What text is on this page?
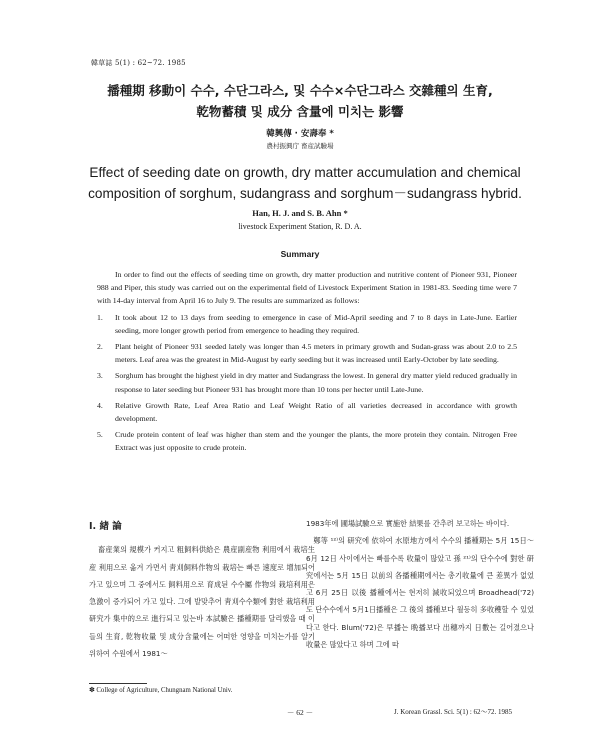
韓草誌 5(1) : 62~72. 1985
播種期 移動이 수수, 수단그라스, 및 수수×수단그라스 交雜種의 生育,
乾物蓄積 및 成分 含量에 미치는 影響
韓興傳 · 安壽奉 *
農村振興庁 畜産試驗場
Effect of seeding date on growth, dry matter accumulation and chemical
composition of sorghum, sudangrass and sorghum－sudangrass hybrid.
Han, H. J. and S. B. Ahn *
livestock Experiment Station, R. D. A.
Summary

In order to find out the effects of seeding time on growth, dry matter production and nutritive content of Pioneer 931, Pioneer 988 and Piper, this study was carried out on the experimental field of Livestock Experiment Station in 1981-83. Seeding time were 7 with 14-day interval from April 16 to July 9. The results are summarized as follows:

1. It took about 12 to 13 days from seeding to emergence in case of Mid-April seeding and 7 to 8 days in Late-June. Earlier seeding, more longer growth period from emergence to heading they required.
2. Plant height of Pioneer 931 seeded lately was longer than 4.5 meters in primary growth and Sudan-grass was about 2.0 to 2.5 meters. Leaf area was the greatest in Mid-August by early seeding but it was increased until Early-October by late seeding.
3. Sorghum has brought the highest yield in dry matter and Sudangrass the lowest. In general dry matter yield reduced gradually in response to later seeding but Pioneer 931 has brought more than 10 tons per hecter until Late-June.
4. Relative Growth Rate, Leaf Area Ratio and Leaf Weight Ratio of all varieties decreased in accordance with growth development.
5. Crude protein content of leaf was higher than stem and the younger the plants, the more protein they contain. Nitrogen Free Extract was just opposite to crude protein.
Ⅰ. 緖 論

畜産業의 規模가 커지고 粗飼料供給은 農産副産物 利用에서 栽培生産 利用으로 옮겨 가면서 靑刈飼料作物의 栽培는 빠른 速度로 增加되어 가고 있으며 그 중에서도 飼料用으로 育成된 수수屬 作物의 栽培利用은 急激이 증가되어 가고 있다. 그에 발맞추어 靑刈수수類에 對한 栽培利用 研究가 集中的으로 進行되고 있는바 本試驗은 播種期를 달리했을 때 이들의 生育, 乾物收量 및 成分含量에는 어떠한 영향을 미치는가를 알기 위하여 수원에서 1981～

1983年에 圃場試驗으로 實施한 結果를 간추려 보고하는 바이다.
　鄭等 ¹²⁾의 研究에 依하여 水原地方에서 수수의 播種期는 5月 15日～6月 12日 사이에서는 빠를수록 收量이 많았고 孫 ²¹⁾의 단수수에 對한 研究에서는 5月 15日 以前의 各播種期에서는 총기收量에 큰 差異가 없었고 6月 25日 以後 播種에서는 현저히 減收되었으며 Broadhead('72) 도 단수수에서 5月1日播種은 그 後의 播種보다 월등히 多收穫할 수 있었다고 한다. Blum('72)은 早播는 晩播보다 出穗까지 日數는 길어졌으나 收量은 많았다고 하며 그에 따

✽ College of Agriculture, Chungnam National Univ.
－ 62 －	J. Korean Grassl. Sci. 5(1) : 62～72. 1985
